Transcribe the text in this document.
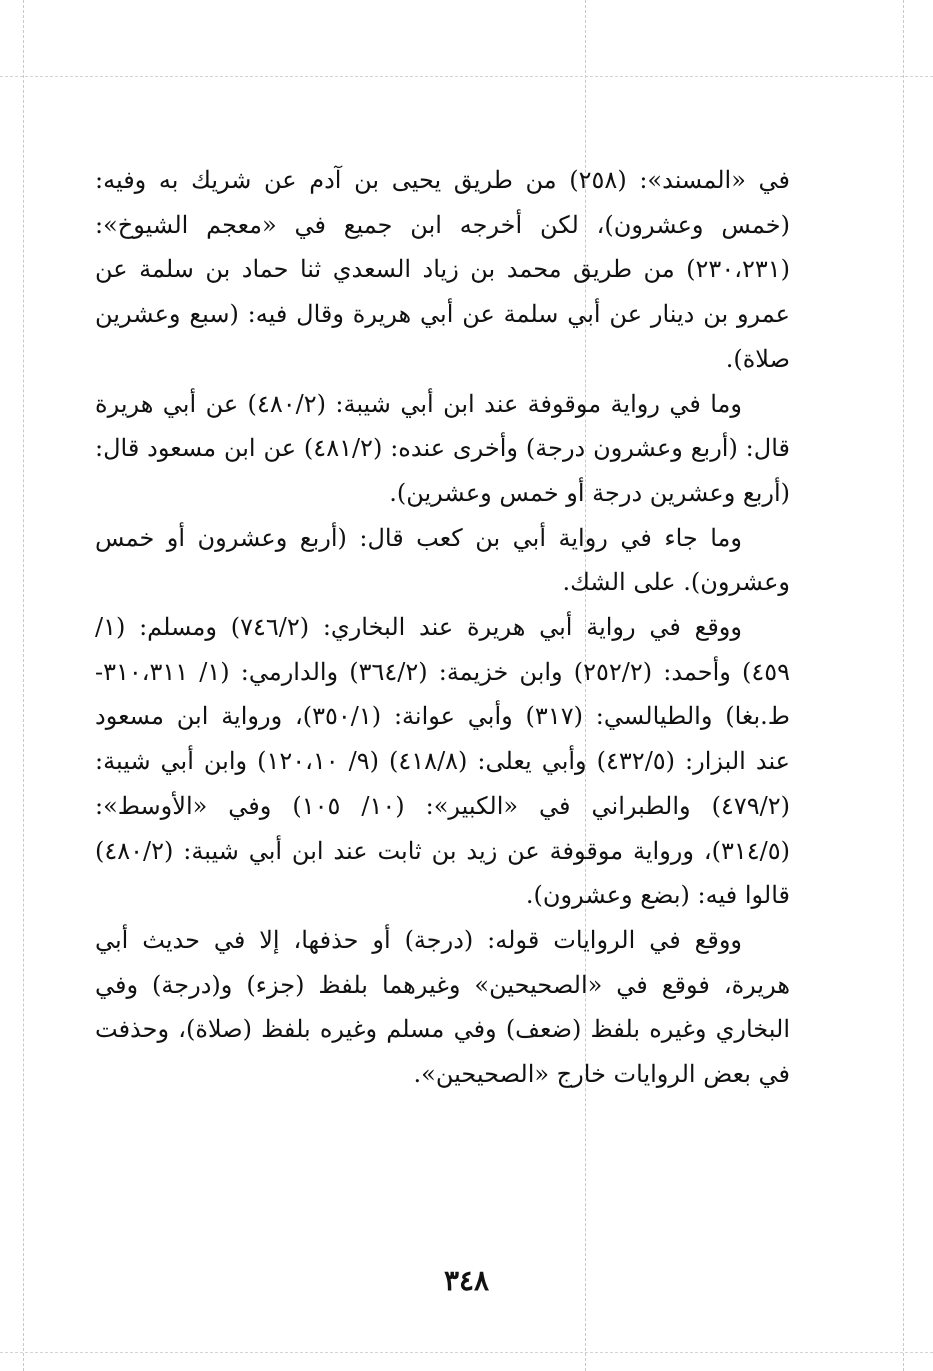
في «المسند»: (٢٥٨) من طريق يحيى بن آدم عن شريك به وفيه: (خمس وعشرون)، لكن أخرجه ابن جميع في «معجم الشيوخ»: (٢٣٠،٢٣١) من طريق محمد بن زياد السعدي ثنا حماد بن سلمة عن عمرو بن دينار عن أبي سلمة عن أبي هريرة وقال فيه: (سبع وعشرين صلاة).

وما في رواية موقوفة عند ابن أبي شيبة: (٤٨٠/٢) عن أبي هريرة قال: (أربع وعشرون درجة) وأخرى عنده: (٤٨١/٢) عن ابن مسعود قال: (أربع وعشرين درجة أو خمس وعشرين).

وما جاء في رواية أبي بن كعب قال: (أربع وعشرون أو خمس وعشرون). على الشك.

ووقع في رواية أبي هريرة عند البخاري: (٧٤٦/٢) ومسلم: (١/ ٤٥٩) وأحمد: (٢٥٢/٢) وابن خزيمة: (٣٦٤/٢) والدارمي: (١/ ٣١٠،٣١١-ط.بغا) والطيالسي: (٣١٧) وأبي عوانة: (٣٥٠/١)، ورواية ابن مسعود عند البزار: (٤٣٢/٥) وأبي يعلى: (٤١٨/٨) (٩/ ١٢٠،١٠) وابن أبي شيبة: (٤٧٩/٢) والطبراني في «الكبير»: (١٠/ ١٠٥) وفي «الأوسط»: (٣١٤/٥)، ورواية موقوفة عن زيد بن ثابت عند ابن أبي شيبة: (٤٨٠/٢) قالوا فيه: (بضع وعشرون).

ووقع في الروايات قوله: (درجة) أو حذفها، إلا في حديث أبي هريرة، فوقع في «الصحيحين» وغيرهما بلفظ (جزء) و(درجة) وفي البخاري وغيره بلفظ (ضعف) وفي مسلم وغيره بلفظ (صلاة)، وحذفت في بعض الروايات خارج «الصحيحين».

٣٤٨
